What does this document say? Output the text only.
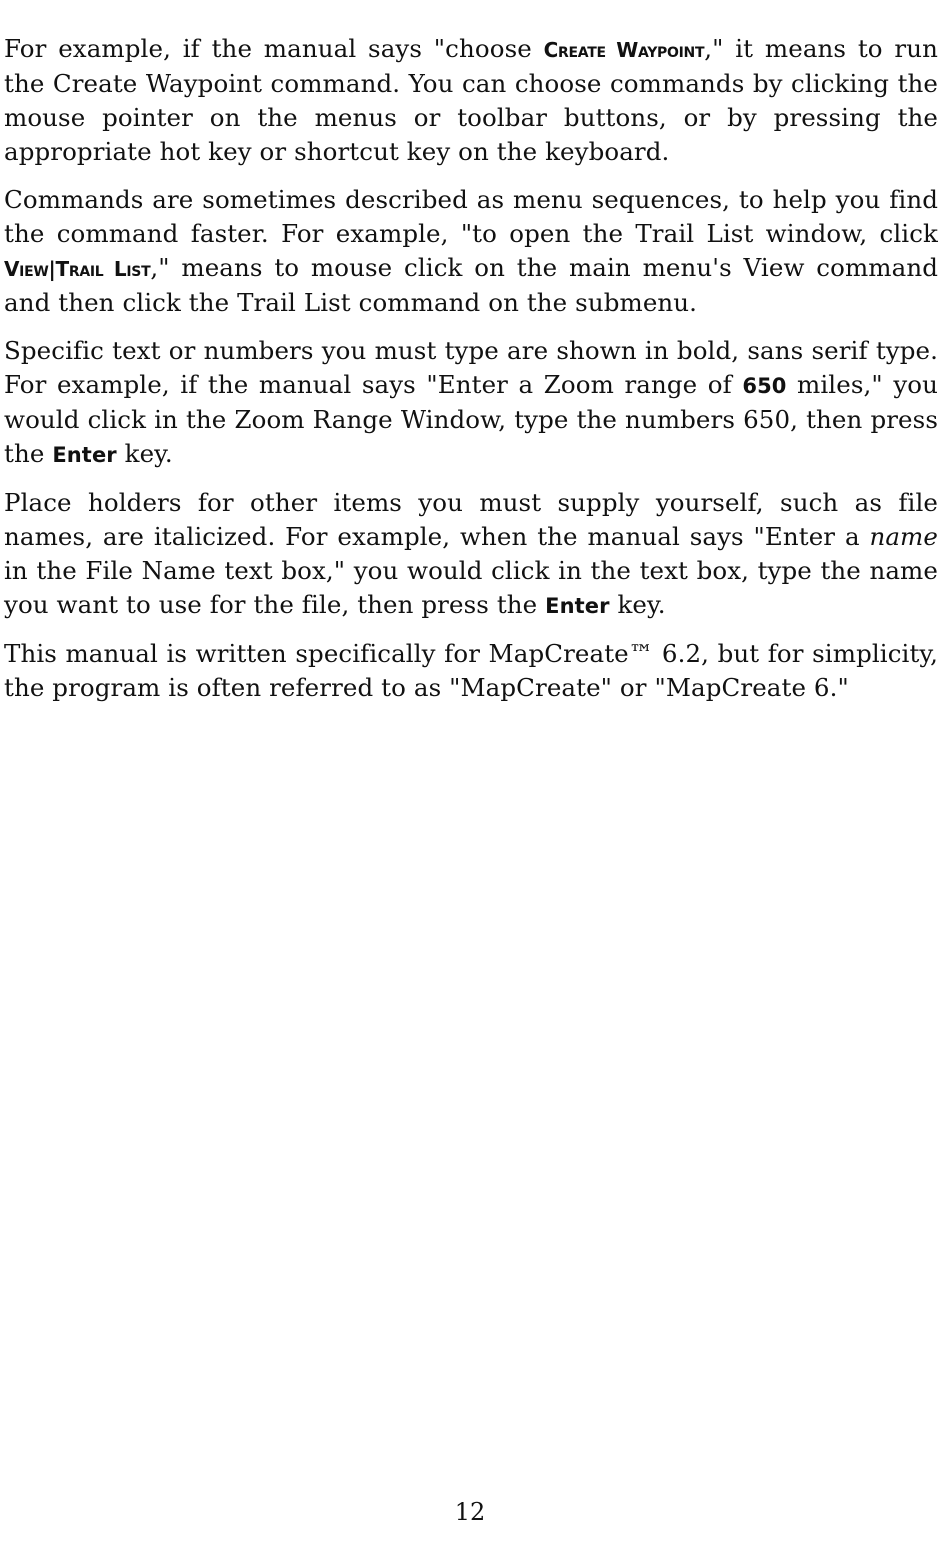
For example, if the manual says "choose Create Waypoint," it means to run the Create Waypoint command. You can choose commands by clicking the mouse pointer on the menus or toolbar buttons, or by pressing the appropriate hot key or shortcut key on the keyboard.

Commands are sometimes described as menu sequences, to help you find the command faster. For example, "to open the Trail List window, click View|Trail List," means to mouse click on the main menu's View command and then click the Trail List command on the submenu.

Specific text or numbers you must type are shown in bold, sans serif type. For example, if the manual says "Enter a Zoom range of 650 miles," you would click in the Zoom Range Window, type the numbers 650, then press the Enter key.

Place holders for other items you must supply yourself, such as file names, are italicized. For example, when the manual says "Enter a name in the File Name text box," you would click in the text box, type the name you want to use for the file, then press the Enter key.

This manual is written specifically for MapCreate™ 6.2, but for simplicity, the program is often referred to as "MapCreate" or "MapCreate 6."

12
